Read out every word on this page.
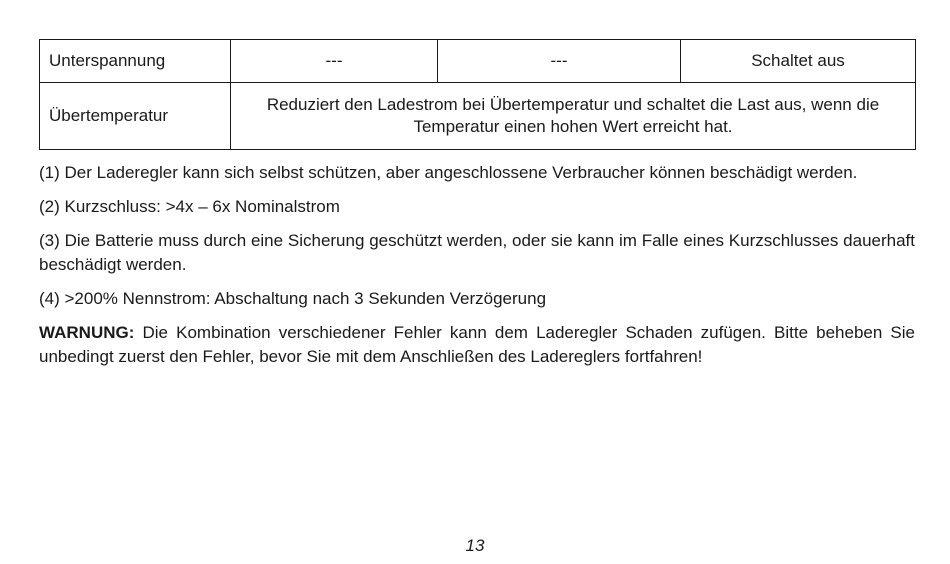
Unterspannung	---	---	Schaltet aus
Übertemperatur	Reduziert den Ladestrom bei Übertemperatur und schaltet die Last aus, wenn die Temperatur einen hohen Wert erreicht hat.		

(1) Der Laderegler kann sich selbst schützen, aber angeschlossene Verbraucher können beschädigt werden.

(2) Kurzschluss: >4x – 6x Nominalstrom

(3) Die Batterie muss durch eine Sicherung geschützt werden, oder sie kann im Falle eines Kurzschlusses dauerhaft beschädigt werden.

(4) >200% Nennstrom: Abschaltung nach 3 Sekunden Verzögerung

WARNUNG: Die Kombination verschiedener Fehler kann dem Laderegler Schaden zufügen. Bitte beheben Sie unbedingt zuerst den Fehler, bevor Sie mit dem Anschließen des Ladereglers fortfahren!

13
